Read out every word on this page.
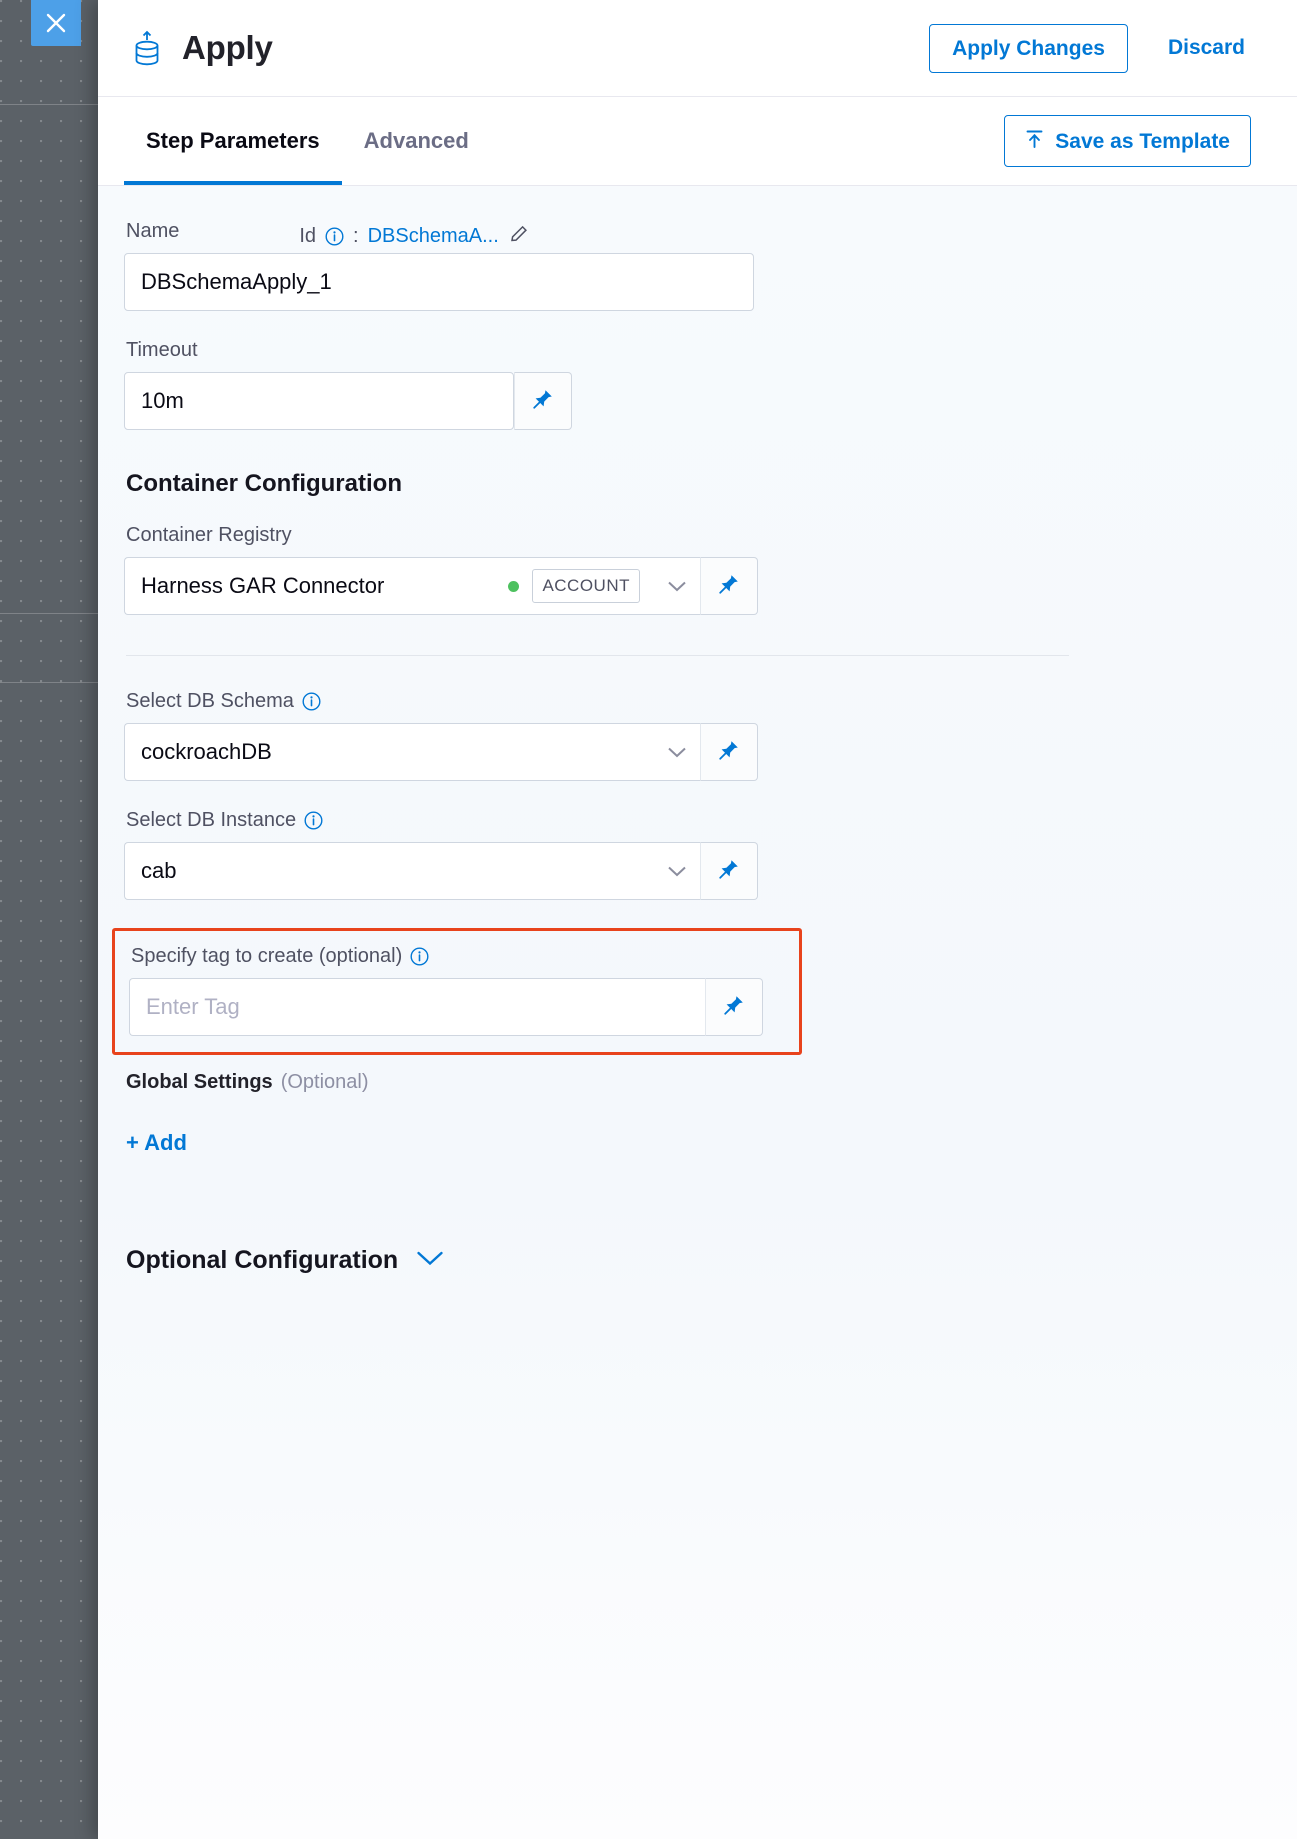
Apply	Apply Changes	Discard
Step Parameters	Advanced	Save as Template
Name	Id : DBSchemaA...
DBSchemaApply_1
Timeout
10m
Container Configuration
Container Registry
Harness GAR Connector	ACCOUNT
Select DB Schema
cockroachDB
Select DB Instance
cab
Specify tag to create (optional)
Enter Tag
Global Settings (Optional)
+ Add
Optional Configuration
